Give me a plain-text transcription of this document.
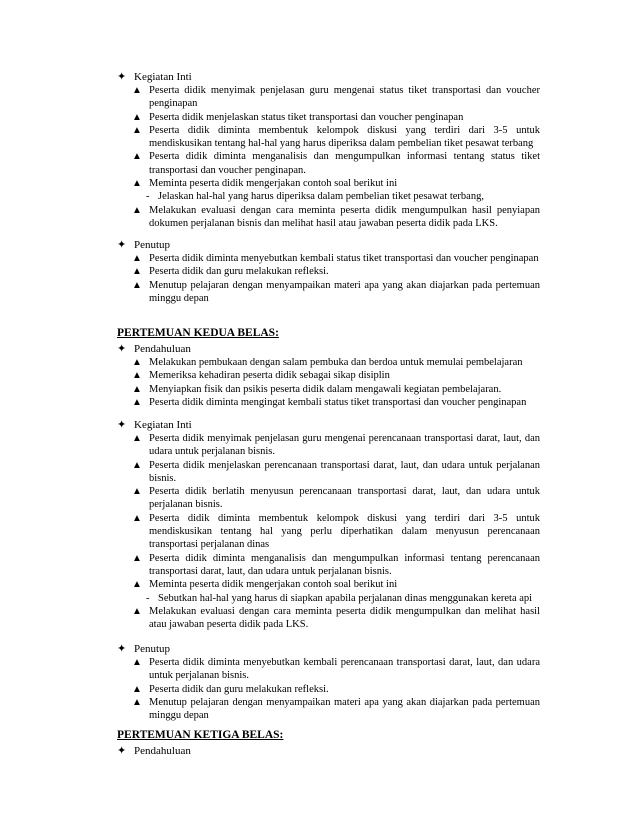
✦ Kegiatan Inti
▲ Peserta didik menyimak penjelasan guru mengenai status tiket transportasi dan voucher penginapan
▲ Peserta didik menjelaskan status tiket transportasi dan voucher penginapan
▲ Peserta didik diminta membentuk kelompok diskusi yang terdiri dari 3-5 untuk mendiskusikan tentang hal-hal yang harus diperiksa dalam pembelian tiket pesawat terbang
▲ Peserta didik diminta menganalisis dan mengumpulkan informasi tentang status tiket transportasi dan voucher penginapan.
▲ Meminta peserta didik mengerjakan contoh soal berikut ini
- Jelaskan hal-hal yang harus diperiksa dalam pembelian tiket pesawat terbang,
▲ Melakukan evaluasi dengan cara meminta peserta didik mengumpulkan hasil penyiapan dokumen perjalanan bisnis dan melihat hasil atau jawaban peserta didik pada LKS.
✦ Penutup
▲ Peserta didik diminta menyebutkan kembali status tiket transportasi dan voucher penginapan
▲ Peserta didik dan guru melakukan refleksi.
▲ Menutup pelajaran dengan menyampaikan materi apa yang akan diajarkan pada pertemuan minggu depan
PERTEMUAN KEDUA BELAS:
✦ Pendahuluan
▲ Melakukan pembukaan dengan salam pembuka dan berdoa untuk memulai pembelajaran
▲ Memeriksa kehadiran peserta didik sebagai sikap disiplin
▲ Menyiapkan fisik dan psikis peserta didik dalam mengawali kegiatan pembelajaran.
▲ Peserta didik diminta mengingat kembali status tiket transportasi dan voucher penginapan
✦ Kegiatan Inti
▲ Peserta didik menyimak penjelasan guru mengenai perencanaan transportasi darat, laut, dan udara untuk perjalanan bisnis.
▲ Peserta didik menjelaskan perencanaan transportasi darat, laut, dan udara untuk perjalanan bisnis.
▲ Peserta didik berlatih menyusun perencanaan transportasi darat, laut, dan udara untuk perjalanan bisnis.
▲ Peserta didik diminta membentuk kelompok diskusi yang terdiri dari 3-5 untuk mendiskusikan tentang hal yang perlu diperhatikan dalam menyusun perencanaan transportasi perjalanan dinas
▲ Peserta didik diminta menganalisis dan mengumpulkan informasi tentang perencanaan transportasi darat, laut, dan udara untuk perjalanan bisnis.
▲ Meminta peserta didik mengerjakan contoh soal berikut ini
- Sebutkan hal-hal yang harus di siapkan apabila perjalanan dinas menggunakan kereta api
▲ Melakukan evaluasi dengan cara meminta peserta didik mengumpulkan dan melihat hasil atau jawaban peserta didik pada LKS.
✦ Penutup
▲ Peserta didik diminta menyebutkan kembali perencanaan transportasi darat, laut, dan udara untuk perjalanan bisnis.
▲ Peserta didik dan guru melakukan refleksi.
▲ Menutup pelajaran dengan menyampaikan materi apa yang akan diajarkan pada pertemuan minggu depan
PERTEMUAN KETIGA BELAS:
✦ Pendahuluan
